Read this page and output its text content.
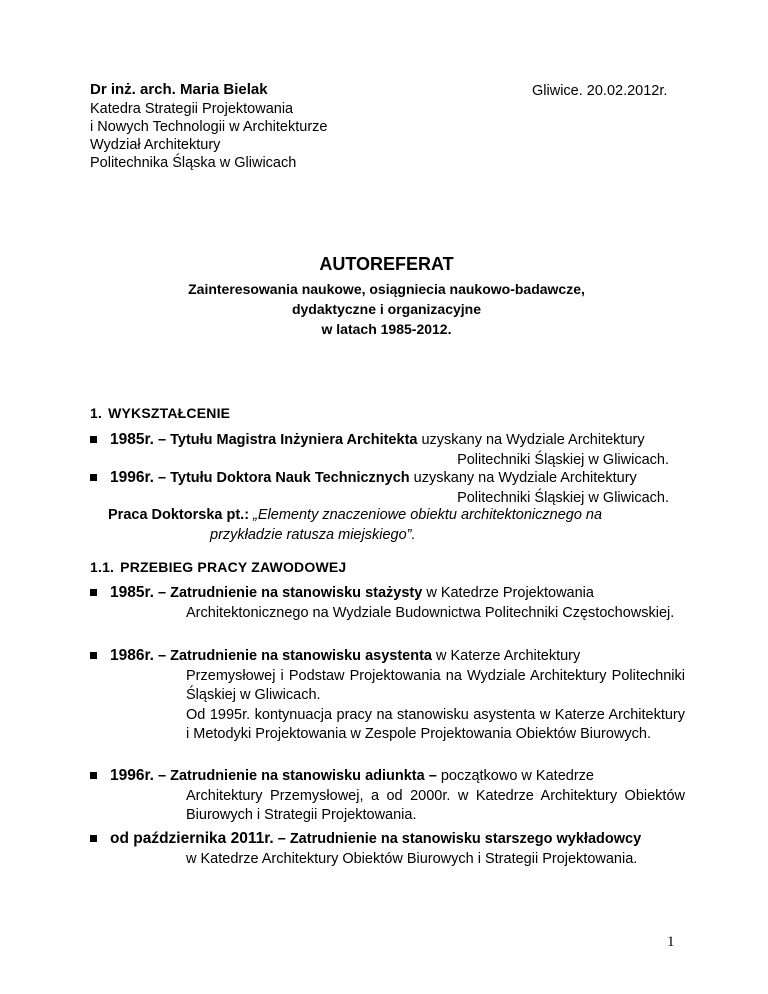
Dr inż. arch. Maria Bielak
Katedra Strategii Projektowania
i Nowych Technologii w Architekturze
Wydział Architektury
Politechnika Śląska w Gliwicach
Gliwice. 20.02.2012r.
AUTOREFERAT
Zainteresowania naukowe, osiągniecia naukowo-badawcze,
dydaktyczne i organizacyjne
w latach 1985-2012.
1. WYKSZTAŁCENIE
1985r. – Tytułu Magistra Inżyniera Architekta uzyskany na Wydziale Architektury
Politechniki Śląskiej w Gliwicach.
1996r. – Tytułu Doktora Nauk Technicznych uzyskany na Wydziale Architektury
Politechniki Śląskiej w Gliwicach.
Praca Doktorska pt.: „Elementy znaczeniowe obiektu architektonicznego na
przykładzie ratusza miejskiego”.
1.1. PRZEBIEG PRACY ZAWODOWEJ
1985r. – Zatrudnienie na stanowisku stażysty w Katedrze Projektowania
Architektonicznego na Wydziale Budownictwa Politechniki Częstochowskiej.
1986r. – Zatrudnienie na stanowisku asystenta w Katerze Architektury
Przemysłowej i Podstaw Projektowania na Wydziale Architektury Politechniki Śląskiej w Gliwicach.
Od 1995r. kontynuacja pracy na stanowisku asystenta w Katerze Architektury i Metodyki Projektowania w Zespole Projektowania Obiektów Biurowych.
1996r. – Zatrudnienie na stanowisku adiunkta – początkowo w Katedrze
Architektury Przemysłowej, a od 2000r. w Katedrze Architektury Obiektów Biurowych i Strategii Projektowania.
od października 2011r. – Zatrudnienie na stanowisku starszego wykładowcy
w Katedrze Architektury Obiektów Biurowych i Strategii Projektowania.
1
